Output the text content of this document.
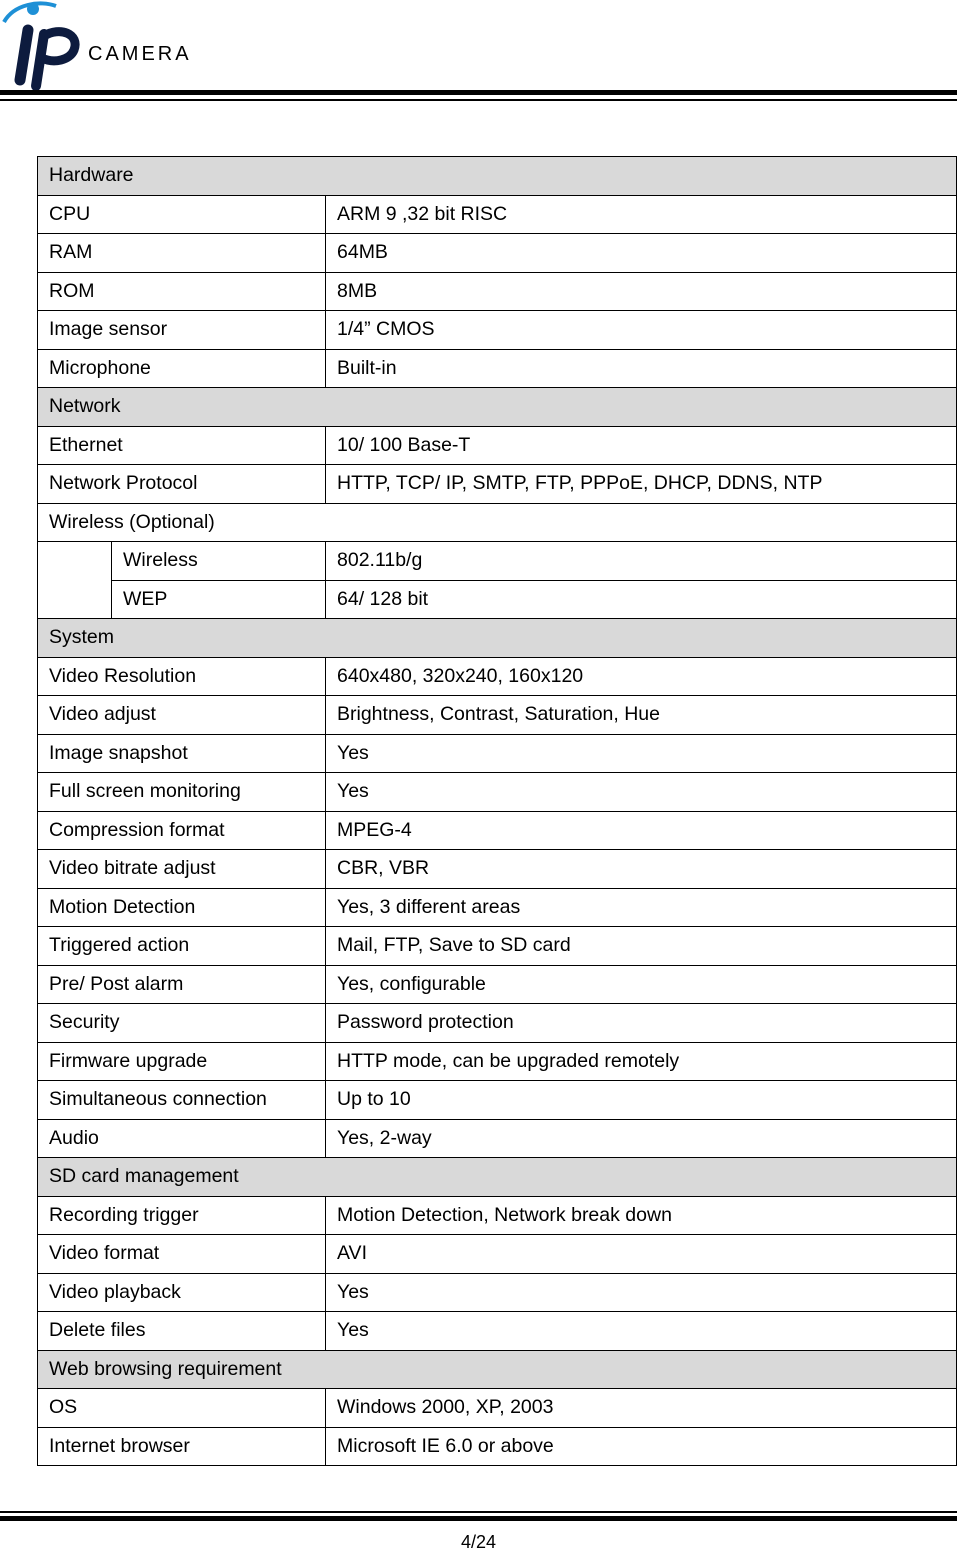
CAMERA
Hardware		
CPU		ARM 9 ,32 bit RISC
RAM		64MB
ROM		8MB
Image sensor		1/4” CMOS
Microphone		Built-in
Network		
Ethernet		10/ 100 Base-T
Network Protocol		HTTP, TCP/ IP, SMTP, FTP, PPPoE, DHCP, DDNS, NTP
Wireless (Optional)		
	Wireless	802.11b/g
	WEP	64/ 128 bit
System		
Video Resolution		640x480, 320x240, 160x120
Video adjust		Brightness, Contrast, Saturation, Hue
Image snapshot		Yes
Full screen monitoring		Yes
Compression format		MPEG-4
Video bitrate adjust		CBR, VBR
Motion Detection		Yes, 3 different areas
Triggered action		Mail, FTP, Save to SD card
Pre/ Post alarm		Yes, configurable
Security		Password protection
Firmware upgrade		HTTP mode, can be upgraded remotely
Simultaneous connection		Up to 10
Audio		Yes, 2-way
SD card management		
Recording trigger		Motion Detection, Network break down
Video format		AVI
Video playback		Yes
Delete files		Yes
Web browsing requirement		
OS		Windows 2000, XP, 2003
Internet browser		Microsoft IE 6.0 or above
4/24
